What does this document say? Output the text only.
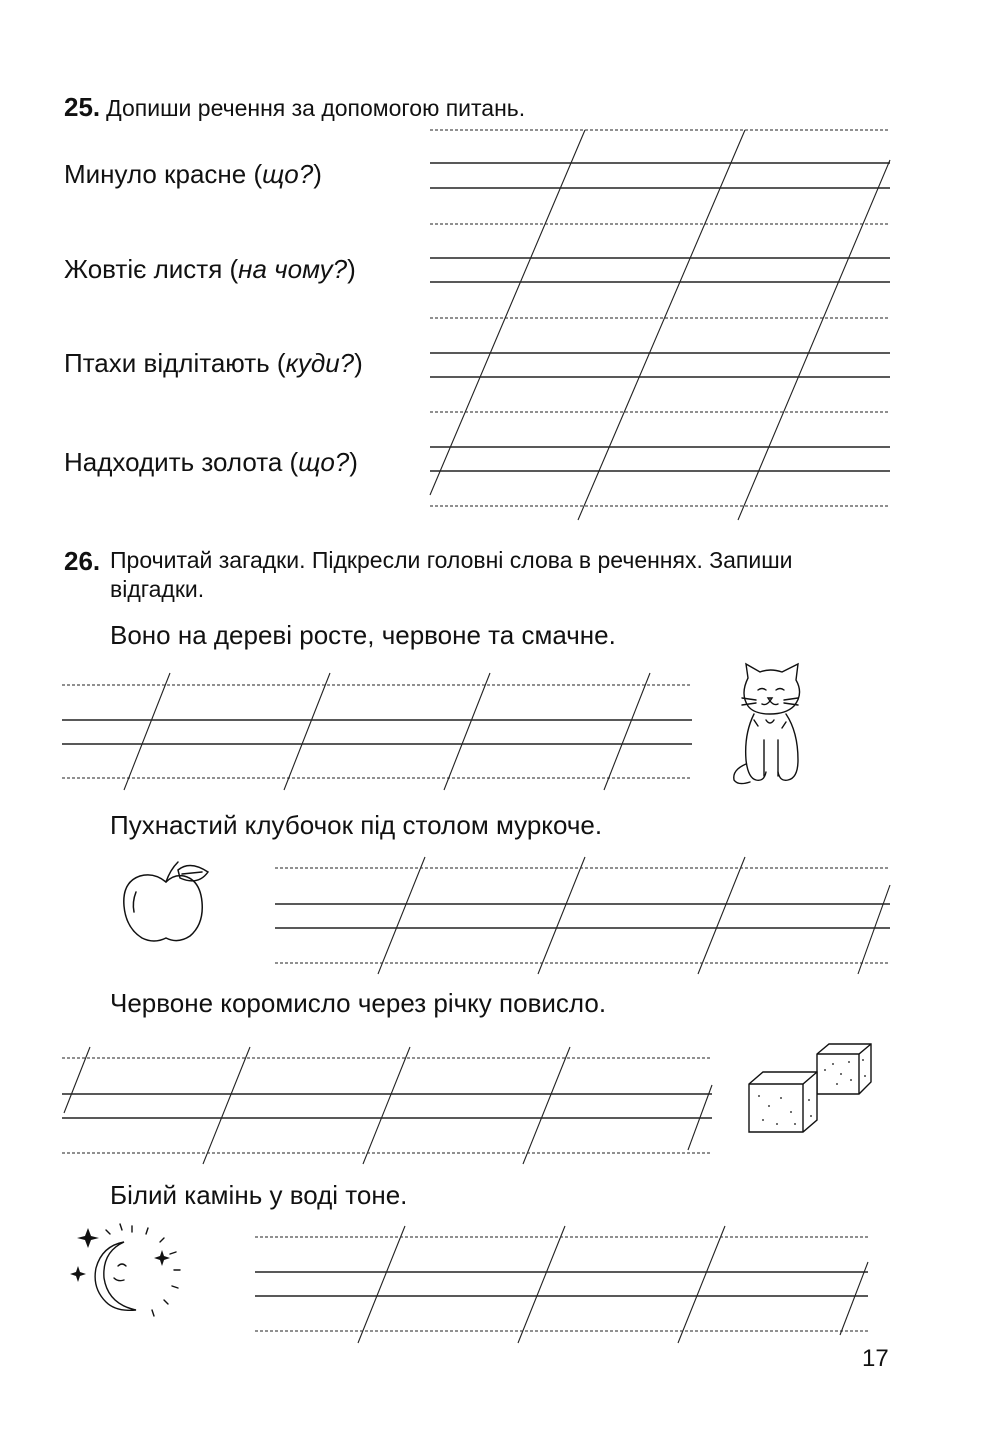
25. Допиши речення за допомогою питань.
Минуло красне (що?)
Жовтіє листя (на чому?)
Птахи відлітають (куди?)
Надходить золота (що?)
26. Прочитай загадки. Підкресли головні слова в реченнях. Запиши відгадки.
Воно на дереві росте, червоне та смачне.
Пухнастий клубочок під столом муркоче.
Червоне коромисло через річку повисло.
Білий камінь у воді тоне.
17
